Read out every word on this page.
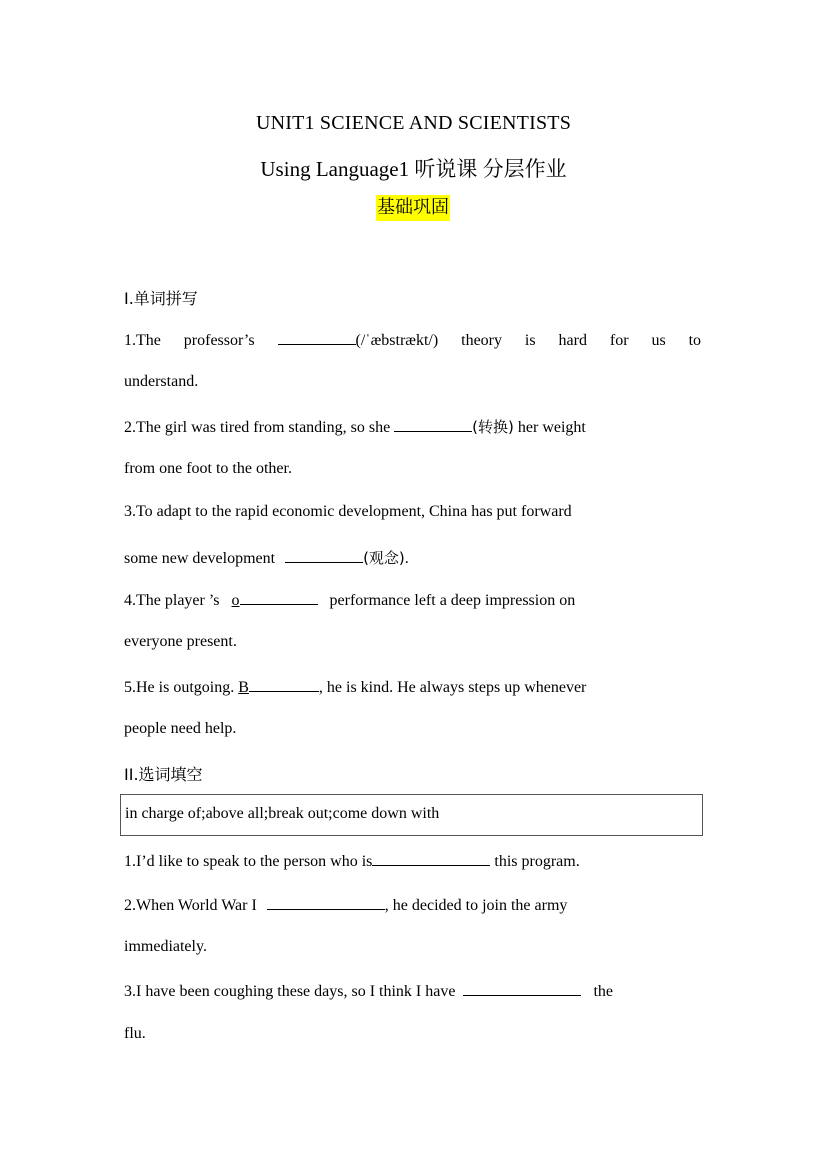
UNIT1 SCIENCE AND SCIENTISTS
Using Language1 听说课 分层作业
基础巩固
I.单词拼写
1.The professor’s	(/ˈæbstrækt/) theory is hard for us to
understand.
2.The girl was tired from standing, so she	(转换) her weight
from one foot to the other.
3.To adapt to the rapid economic development, China has put forward
some new development	(观念).
4.The player ’s o	performance left a deep impression on
everyone present.
5.He is outgoing. B	, he is kind. He always steps up whenever
people need help.
II.选词填空
in charge of;above all;break out;come down with
1.I’d like to speak to the person who is	this program.
2.When World War I	, he decided to join the army
immediately.
3.I have been coughing these days, so I think I have	the
flu.
